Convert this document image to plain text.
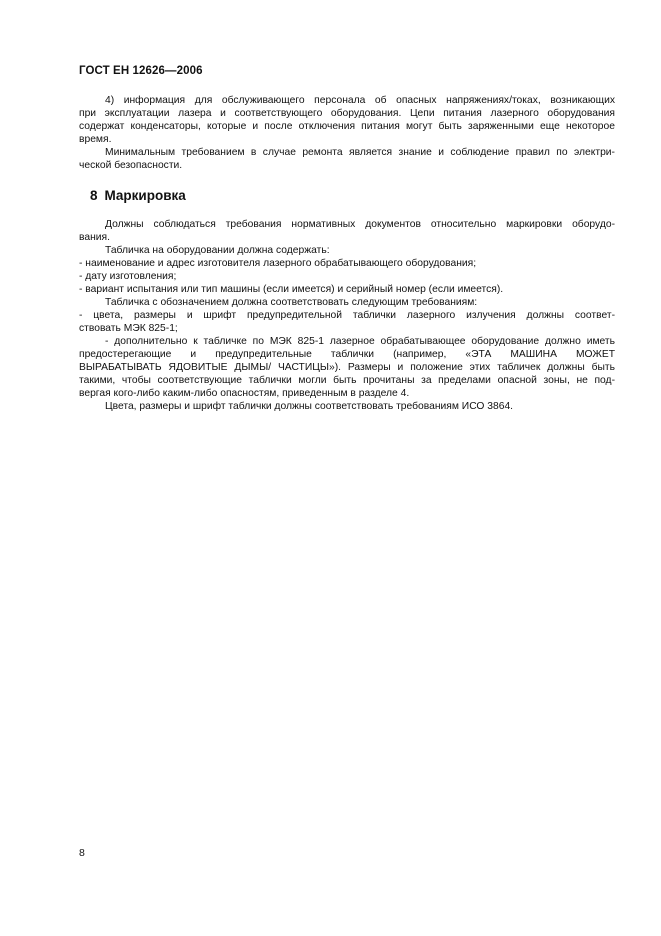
ГОСТ ЕН 12626—2006
4) информация для обслуживающего персонала об опасных напряжениях/токах, возникающих
при эксплуатации лазера и соответствующего оборудования. Цепи питания лазерного оборудования
содержат конденсаторы, которые и после отключения питания могут быть заряженными еще некоторое
время.
Минимальным требованием в случае ремонта является знание и соблюдение правил по электри-
ческой безопасности.
8 Маркировка
Должны соблюдаться требования нормативных документов относительно маркировки оборудо-
вания.
Табличка на оборудовании должна содержать:
- наименование и адрес изготовителя лазерного обрабатывающего оборудования;
- дату изготовления;
- вариант испытания или тип машины (если имеется) и серийный номер (если имеется).
Табличка с обозначением должна соответствовать следующим требованиям:
- цвета, размеры и шрифт предупредительной таблички лазерного излучения должны соответ-
ствовать МЭК 825-1;
- дополнительно к табличке по МЭК 825-1 лазерное обрабатывающее оборудование должно иметь
предостерегающие и предупредительные таблички (например, «ЭТА МАШИНА МОЖЕТ
ВЫРАБАТЫВАТЬ ЯДОВИТЫЕ ДЫМЫ/ ЧАСТИЦЫ»). Размеры и положение этих табличек должны быть
такими, чтобы соответствующие таблички могли быть прочитаны за пределами опасной зоны, не под-
вергая кого-либо каким-либо опасностям, приведенным в разделе 4.
Цвета, размеры и шрифт таблички должны соответствовать требованиям ИСО 3864.
8
